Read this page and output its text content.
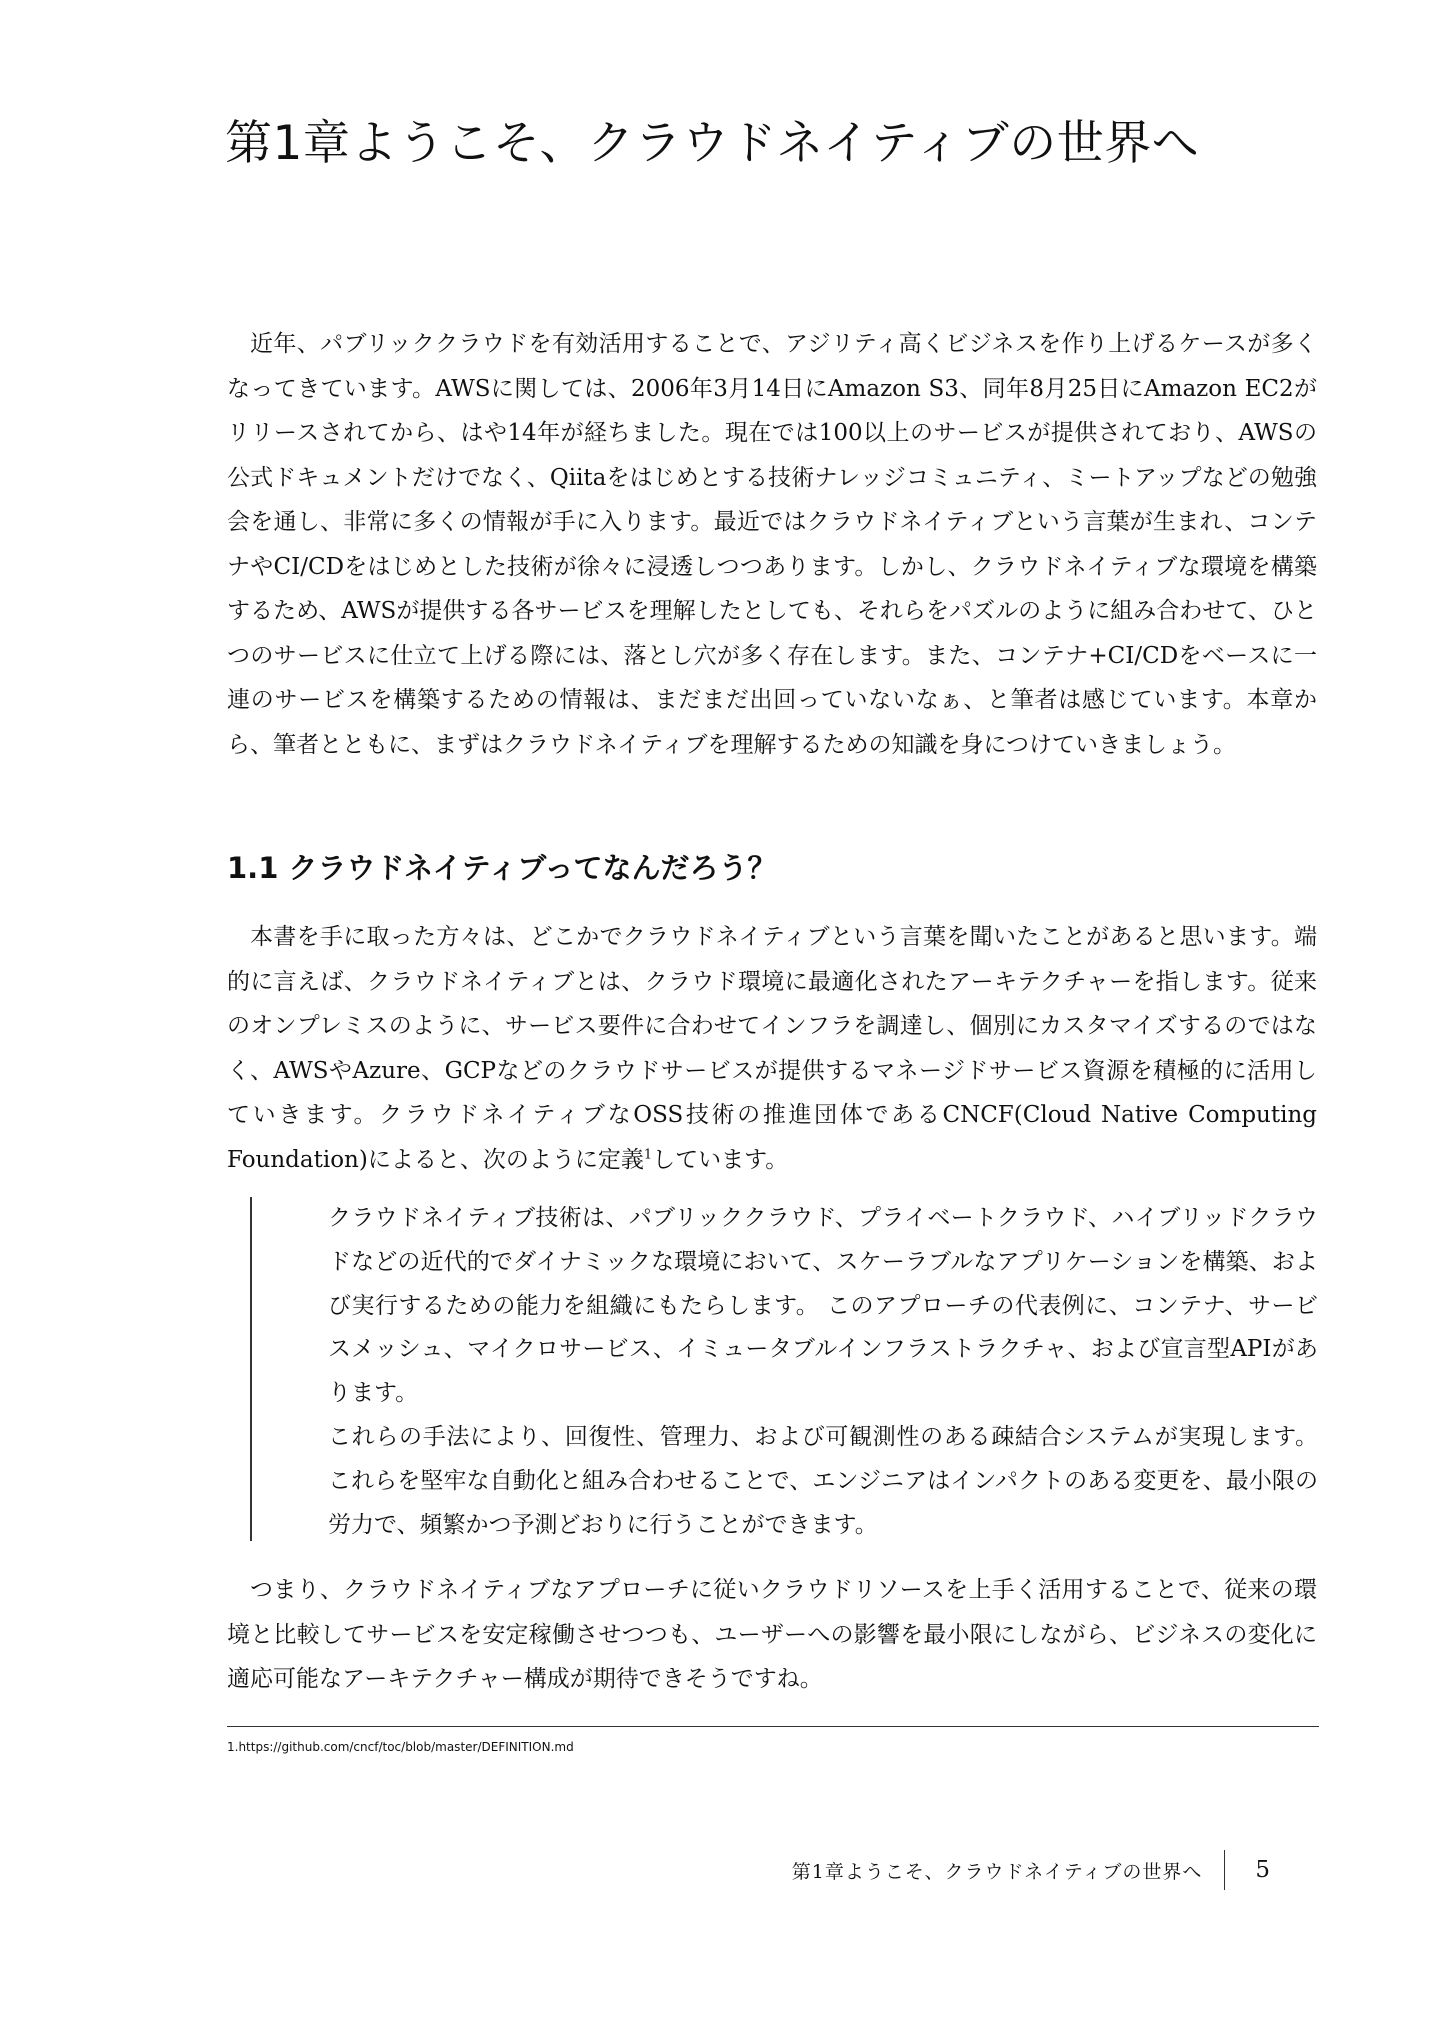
第1章ようこそ、クラウドネイティブの世界へ

近年、パブリッククラウドを有効活用することで、アジリティ高くビジネスを作り上げるケースが多くなってきています。AWSに関しては、2006年3月14日にAmazon S3、同年8月25日にAmazon EC2がリリースされてから、はや14年が経ちました。現在では100以上のサービスが提供されており、AWSの公式ドキュメントだけでなく、Qiitaをはじめとする技術ナレッジコミュニティ、ミートアップなどの勉強会を通し、非常に多くの情報が手に入ります。最近ではクラウドネイティブという言葉が生まれ、コンテナやCI/CDをはじめとした技術が徐々に浸透しつつあります。しかし、クラウドネイティブな環境を構築するため、AWSが提供する各サービスを理解したとしても、それらをパズルのように組み合わせて、ひとつのサービスに仕立て上げる際には、落とし穴が多く存在します。また、コンテナ+CI/CDをベースに一連のサービスを構築するための情報は、まだまだ出回っていないなぁ、と筆者は感じています。本章から、筆者とともに、まずはクラウドネイティブを理解するための知識を身につけていきましょう。

1.1 クラウドネイティブってなんだろう？

本書を手に取った方々は、どこかでクラウドネイティブという言葉を聞いたことがあると思います。端的に言えば、クラウドネイティブとは、クラウド環境に最適化されたアーキテクチャーを指します。従来のオンプレミスのように、サービス要件に合わせてインフラを調達し、個別にカスタマイズするのではなく、AWSやAzure、GCPなどのクラウドサービスが提供するマネージドサービス資源を積極的に活用していきます。クラウドネイティブなOSS技術の推進団体であるCNCF(Cloud Native Computing Foundation)によると、次のように定義$^1$しています。

クラウドネイティブ技術は、パブリッククラウド、プライベートクラウド、ハイブリッドクラウドなどの近代的でダイナミックな環境において、スケーラブルなアプリケーションを構築、および実行するための能力を組織にもたらします。 このアプローチの代表例に、コンテナ、サービスメッシュ、マイクロサービス、イミュータブルインフラストラクチャ、および宣言型APIがあります。
これらの手法により、回復性、管理力、および可観測性のある疎結合システムが実現します。 これらを堅牢な自動化と組み合わせることで、エンジニアはインパクトのある変更を、最小限の労力で、頻繁かつ予測どおりに行うことができます。

つまり、クラウドネイティブなアプローチに従いクラウドリソースを上手く活用することで、従来の環境と比較してサービスを安定稼働させつつも、ユーザーへの影響を最小限にしながら、ビジネスの変化に適応可能なアーキテクチャー構成が期待できそうですね。

1.https://github.com/cncf/toc/blob/master/DEFINITION.md

第1章ようこそ、クラウドネイティブの世界へ 5
